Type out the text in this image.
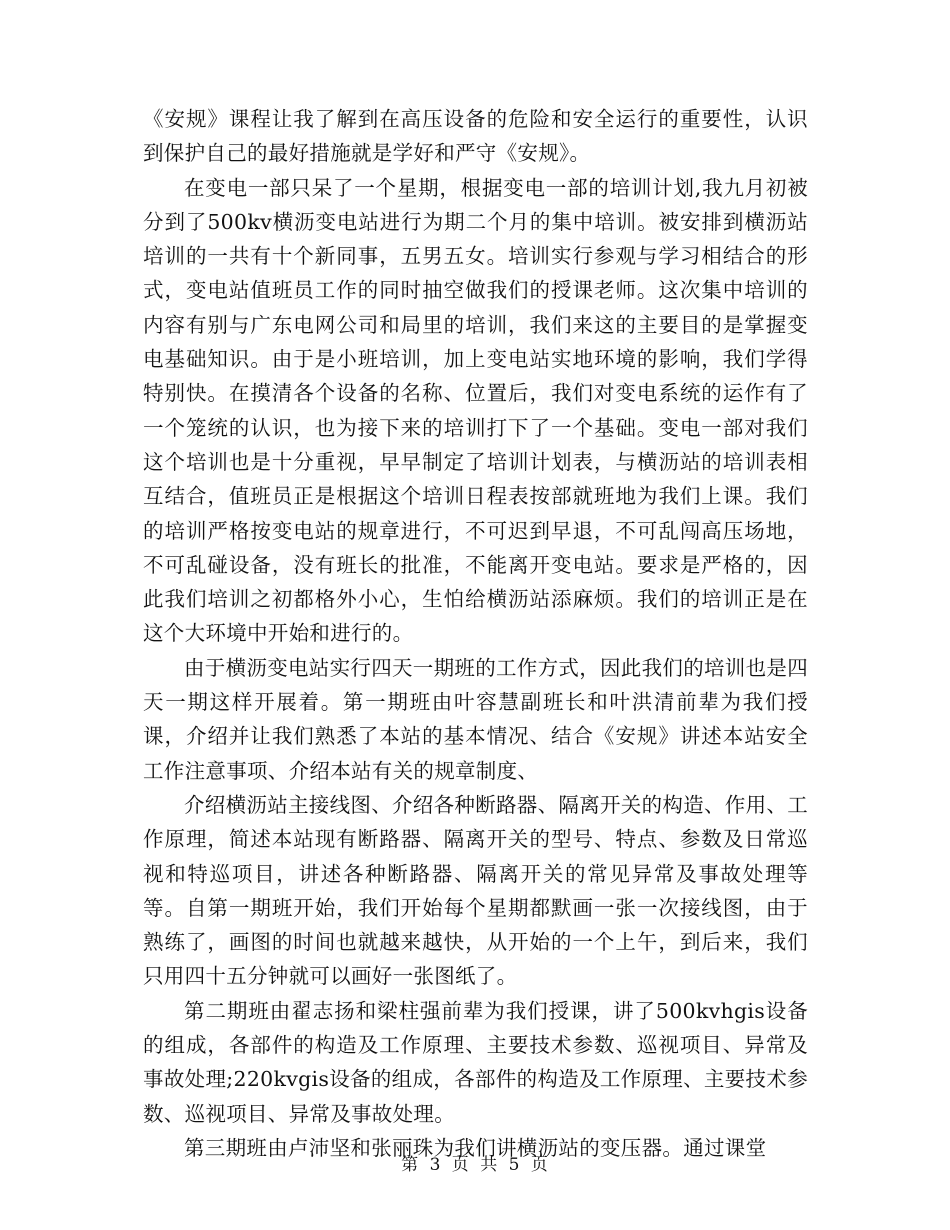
《安规》课程让我了解到在高压设备的危险和安全运行的重要性，认识到保护自己的最好措施就是学好和严守《安规》。

在变电一部只呆了一个星期，根据变电一部的培训计划,我九月初被分到了500kv横沥变电站进行为期二个月的集中培训。被安排到横沥站培训的一共有十个新同事，五男五女。培训实行参观与学习相结合的形式，变电站值班员工作的同时抽空做我们的授课老师。这次集中培训的内容有别与广东电网公司和局里的培训，我们来这的主要目的是掌握变电基础知识。由于是小班培训，加上变电站实地环境的影响，我们学得特别快。在摸清各个设备的名称、位置后，我们对变电系统的运作有了一个笼统的认识，也为接下来的培训打下了一个基础。变电一部对我们这个培训也是十分重视，早早制定了培训计划表，与横沥站的培训表相互结合，值班员正是根据这个培训日程表按部就班地为我们上课。我们的培训严格按变电站的规章进行，不可迟到早退，不可乱闯高压场地，不可乱碰设备，没有班长的批准，不能离开变电站。要求是严格的，因此我们培训之初都格外小心，生怕给横沥站添麻烦。我们的培训正是在这个大环境中开始和进行的。

由于横沥变电站实行四天一期班的工作方式，因此我们的培训也是四天一期这样开展着。第一期班由叶容慧副班长和叶洪清前辈为我们授课，介绍并让我们熟悉了本站的基本情况、结合《安规》讲述本站安全工作注意事项、介绍本站有关的规章制度、

介绍横沥站主接线图、介绍各种断路器、隔离开关的构造、作用、工作原理，简述本站现有断路器、隔离开关的型号、特点、参数及日常巡视和特巡项目，讲述各种断路器、隔离开关的常见异常及事故处理等等。自第一期班开始，我们开始每个星期都默画一张一次接线图，由于熟练了，画图的时间也就越来越快，从开始的一个上午，到后来，我们只用四十五分钟就可以画好一张图纸了。

第二期班由翟志扬和梁柱强前辈为我们授课，讲了500kvhgis设备的组成，各部件的构造及工作原理、主要技术参数、巡视项目、异常及事故处理;220kvgis设备的组成，各部件的构造及工作原理、主要技术参数、巡视项目、异常及事故处理。

第三期班由卢沛坚和张丽珠为我们讲横沥站的变压器。通过课堂

第 3 页 共 5 页
